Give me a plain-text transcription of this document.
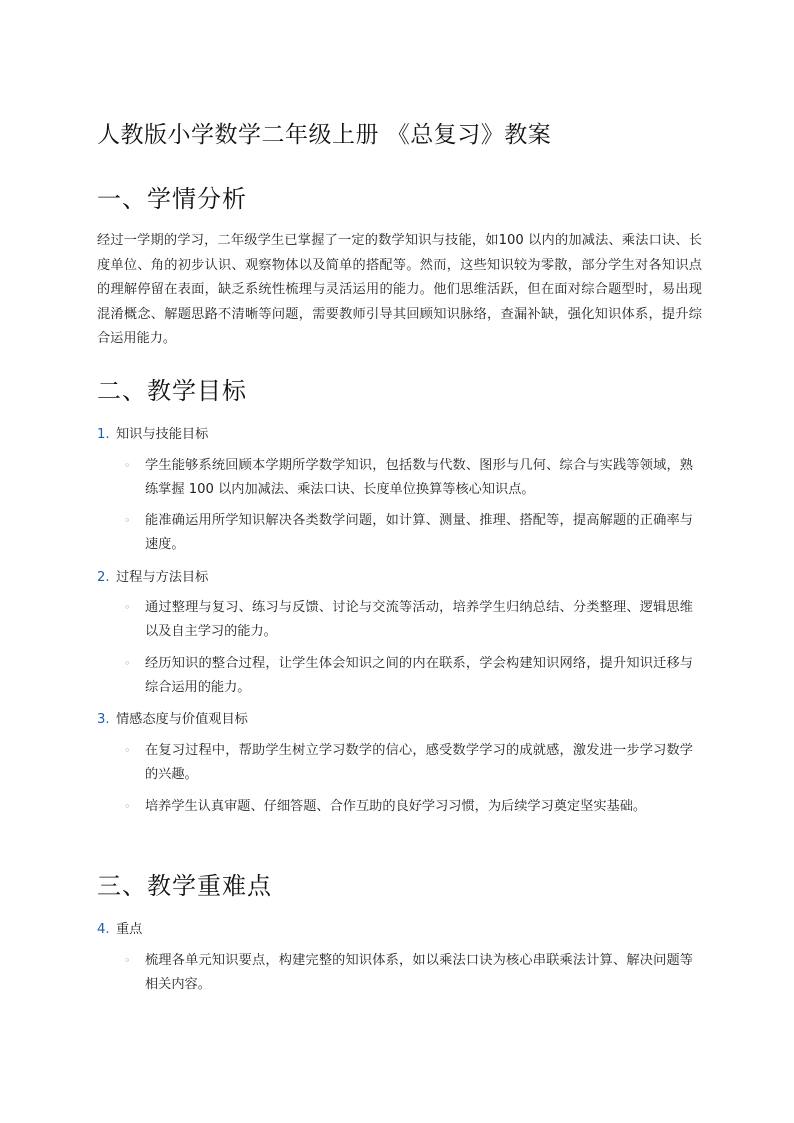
人教版小学数学二年级上册 《总复习》教案
一、学情分析

经过一学期的学习，二年级学生已掌握了一定的数学知识与技能，如100 以内的加减法、乘法口诀、长度单位、角的初步认识、观察物体以及简单的搭配等。然而，这些知识较为零散，部分学生对各知识点的理解停留在表面，缺乏系统性梳理与灵活运用的能力。他们思维活跃，但在面对综合题型时，易出现混淆概念、解题思路不清晰等问题，需要教师引导其回顾知识脉络，查漏补缺，强化知识体系，提升综合运用能力。

二、教学目标
1. 知识与技能目标
◦ 学生能够系统回顾本学期所学数学知识，包括数与代数、图形与几何、综合与实践等领域，熟练掌握 100 以内加减法、乘法口诀、长度单位换算等核心知识点。

◦ 能准确运用所学知识解决各类数学问题，如计算、测量、推理、搭配等，提高解题的正确率与速度。

2. 过程与方法目标
◦ 通过整理与复习、练习与反馈、讨论与交流等活动，培养学生归纳总结、分类整理、逻辑思维以及自主学习的能力。

◦ 经历知识的整合过程，让学生体会知识之间的内在联系，学会构建知识网络，提升知识迁移与综合运用的能力。

3. 情感态度与价值观目标
◦ 在复习过程中，帮助学生树立学习数学的信心，感受数学学习的成就感，激发进一步学习数学的兴趣。

◦ 培养学生认真审题、仔细答题、合作互助的良好学习习惯，为后续学习奠定坚实基础。

三、教学重难点
4. 重点
◦ 梳理各单元知识要点，构建完整的知识体系，如以乘法口诀为核心串联乘法计算、解决问题等相关内容。
